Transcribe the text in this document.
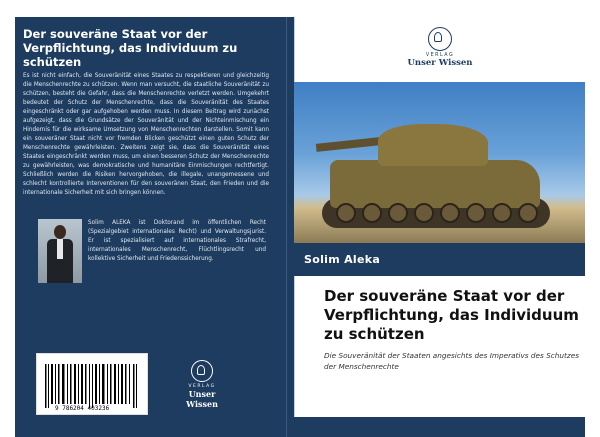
Der souveräne Staat vor der Verpflichtung, das Individuum zu schützen
Es ist nicht einfach, die Souveränität eines Staates zu respektieren und gleichzeitig die Menschenrechte zu schützen. Wenn man versucht, die staatliche Souveränität zu schützen, besteht die Gefahr, dass die Menschenrechte verletzt werden. Umgekehrt bedeutet der Schutz der Menschenrechte, dass die Souveränität des Staates eingeschränkt oder gar aufgehoben werden muss. In diesem Beitrag wird zunächst aufgezeigt, dass die Grundsätze der Souveränität und der Nichteinmischung ein Hindernis für die wirksame Umsetzung von Menschenrechten darstellen. Somit kann ein souveräner Staat nicht vor fremden Blicken geschützt einen guten Schutz der Menschenrechte gewährleisten. Zweitens zeigt sie, dass die Souveränität eines Staates eingeschränkt werden muss, um einen besseren Schutz der Menschenrechte zu gewährleisten, was demokratische und humanitäre Einmischungen rechtfertigt. Schließlich werden die Risiken hervorgehoben, die illegale, unangemessene und schlecht kontrollierte Interventionen für den souveränen Staat, den Frieden und die internationale Sicherheit mit sich bringen können.
Solim ALEKA ist Doktorand im öffentlichen Recht (Spezialgebiet internationales Recht) und Verwaltungsjurist. Er ist spezialisiert auf internationales Strafrecht, internationales Menschenrecht, Flüchtlingsrecht und kollektive Sicherheit und Friedenssicherung.
9 786204 403236
VERLAG
Unser Wissen
VERLAG
Unser Wissen
Solim Aleka
Der souveräne Staat vor der Verpflichtung, das Individuum zu schützen
Die Souveränität der Staaten angesichts des Imperativs des Schutzes der Menschenrechte
